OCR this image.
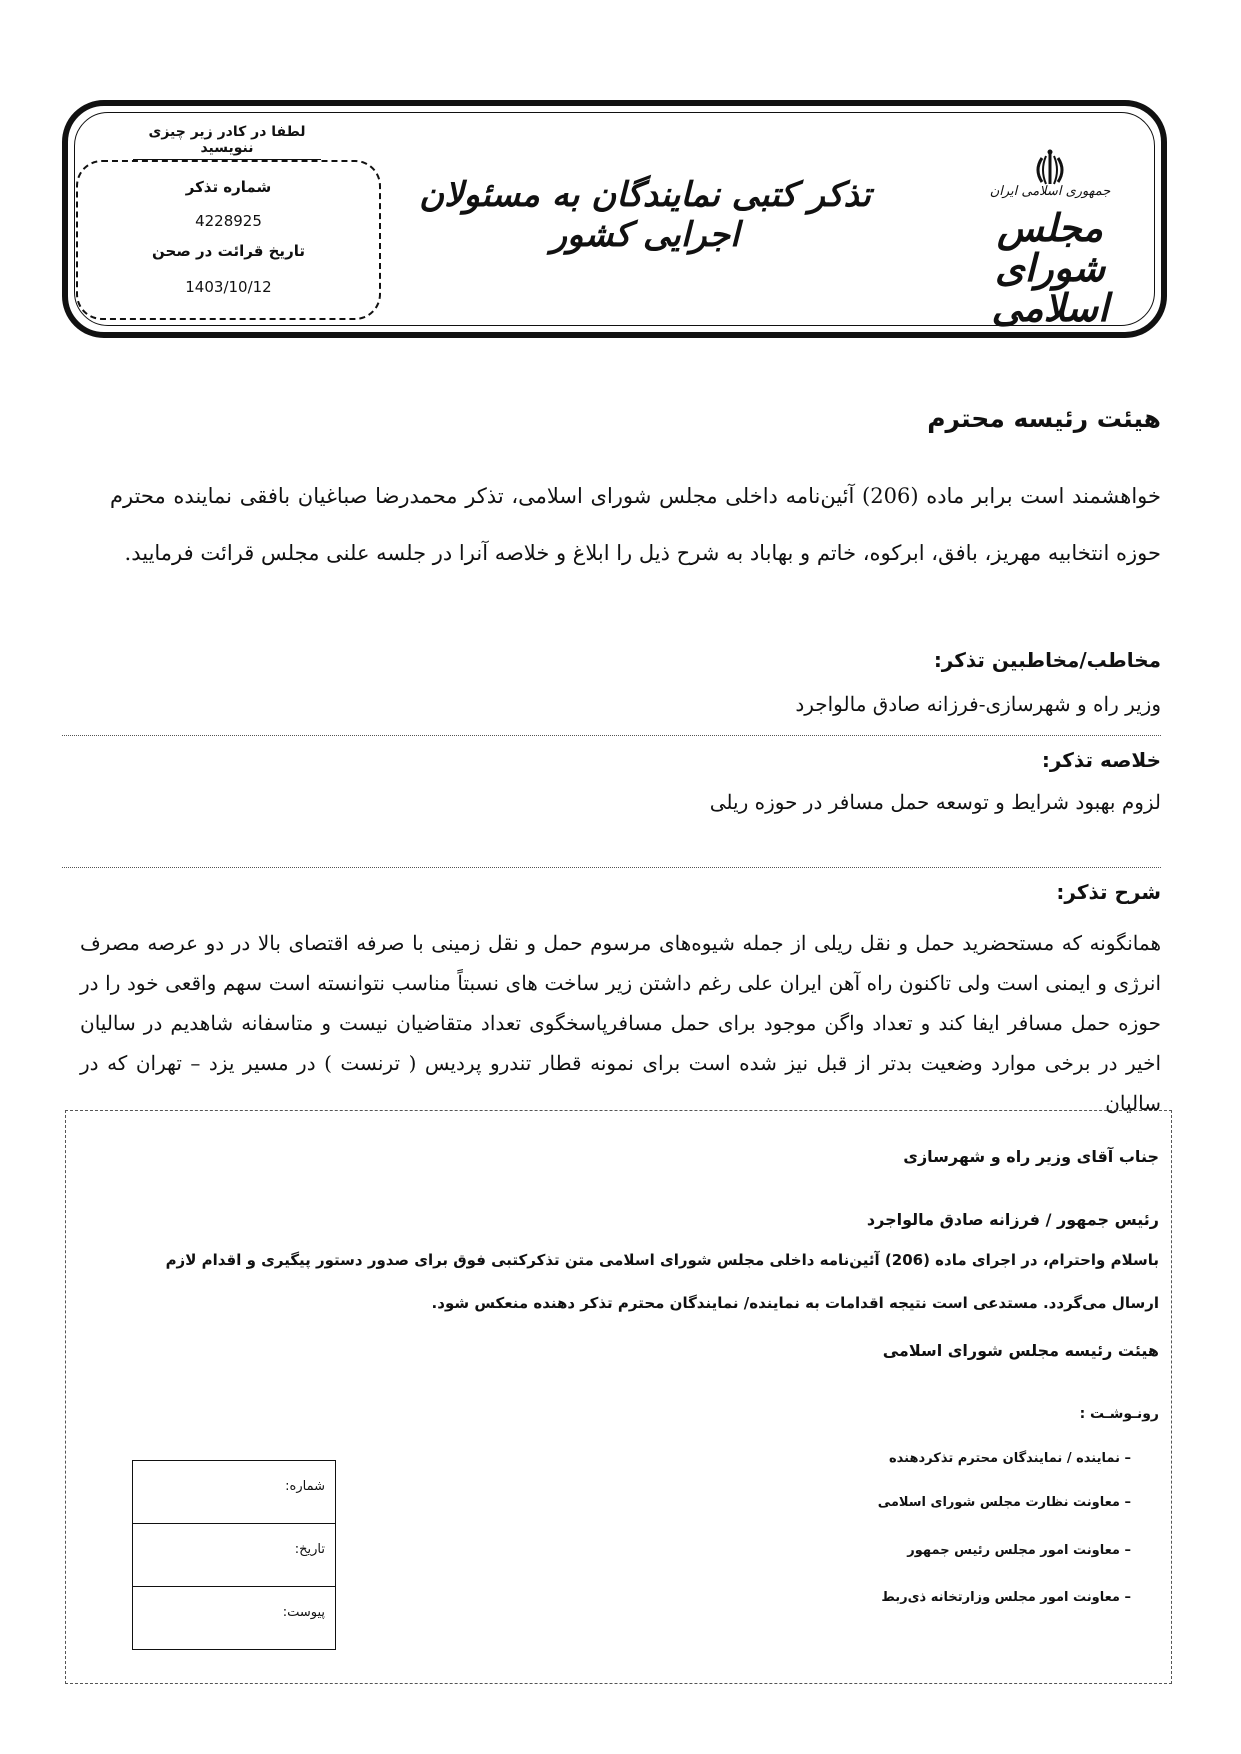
لطفا در کادر زیر چیزی ننویسید
شماره تذکر
4228925
تاریخ قرائت در صحن
1403/10/12
تذکر کتبی نمایندگان به مسئولان اجرایی کشور
جمهوری اسلامی ایران
مجلس شورای اسلامی
هیئت رئیسه محترم
خواهشمند است برابر ماده (206) آئین‌نامه داخلی مجلس شورای اسلامی، تذکر محمدرضا صباغیان بافقی نماینده محترم حوزه انتخابیه مهریز، بافق، ابرکوه، خاتم و بهاباد به شرح ذیل را ابلاغ و خلاصه آنرا در جلسه علنی مجلس قرائت فرمایید.
مخاطب/مخاطبین تذکر:
وزیر راه و شهرسازی-فرزانه صادق مالواجرد
خلاصه تذکر:
لزوم بهبود شرایط و توسعه حمل مسافر در حوزه ریلی
شرح تذکر:
همانگونه که مستحضرید حمل و نقل ریلی از جمله شیوه‌های مرسوم حمل و نقل زمینی با صرفه اقتصای بالا در دو عرصه مصرف
انرژی و ایمنی است ولی تاکنون راه آهن ایران علی رغم داشتن زیر ساخت های نسبتاً مناسب نتوانسته است سهم واقعی خود را در
حوزه حمل مسافر ایفا کند و تعداد واگن موجود برای حمل مسافرپاسخگوی تعداد متقاضیان نیست و متاسفانه شاهدیم در سالیان
اخیر در برخی موارد وضعیت بدتر از قبل نیز شده است برای نمونه قطار تندرو پردیس ( ترنست ) در مسیر یزد – تهران که در سالیان
جناب آقای وزیر راه و شهرسازی
رئیس جمهور / فرزانه صادق مالواجرد
باسلام واحترام، در اجرای ماده (206) آئین‌نامه داخلی مجلس شورای اسلامی متن تذکرکتبی فوق برای صدور دستور پیگیری و اقدام لازم
ارسال می‌گردد. مستدعی است نتیجه اقدامات به نماینده/ نمایندگان محترم تذکر دهنده منعکس شود.
هیئت رئیسه مجلس شورای اسلامی
رونـوشـت :
– نماینده / نمایندگان محترم تذکردهنده
– معاونت نظارت مجلس شورای اسلامی
– معاونت امور مجلس رئیس جمهور
– معاونت امور مجلس وزارتخانه ذی‌ربط
شماره:
تاریخ:
پیوست:
